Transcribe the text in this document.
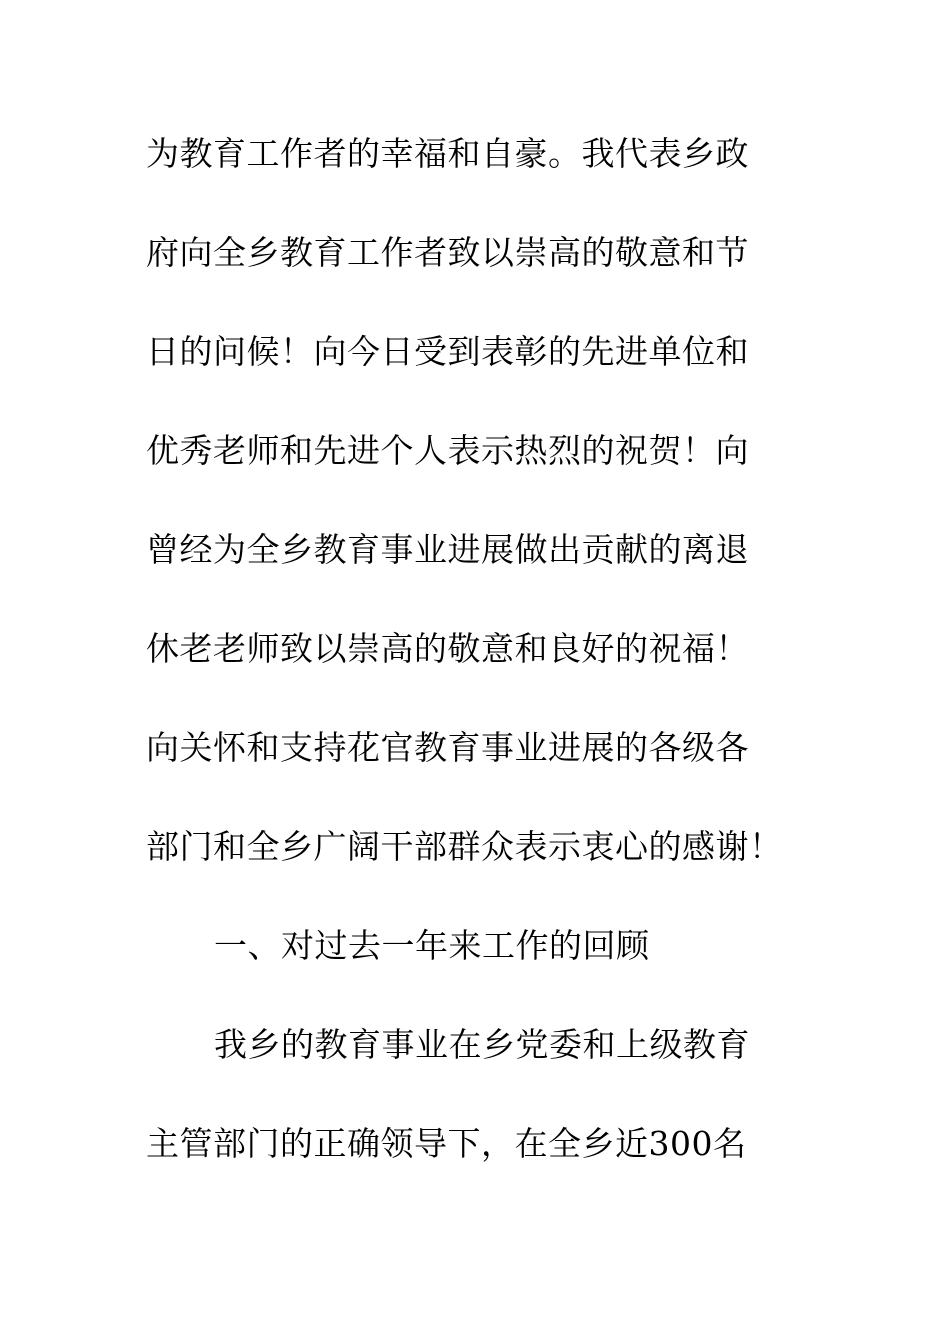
为教育工作者的幸福和自豪。我代表乡政
府向全乡教育工作者致以崇高的敬意和节
日的问候！向今日受到表彰的先进单位和
优秀老师和先进个人表示热烈的祝贺！向
曾经为全乡教育事业进展做出贡献的离退
休老老师致以崇高的敬意和良好的祝福！
向关怀和支持花官教育事业进展的各级各
部门和全乡广阔干部群众表示衷心的感谢！
一、对过去一年来工作的回顾
我乡的教育事业在乡党委和上级教育
主管部门的正确领导下，在全乡近300名
